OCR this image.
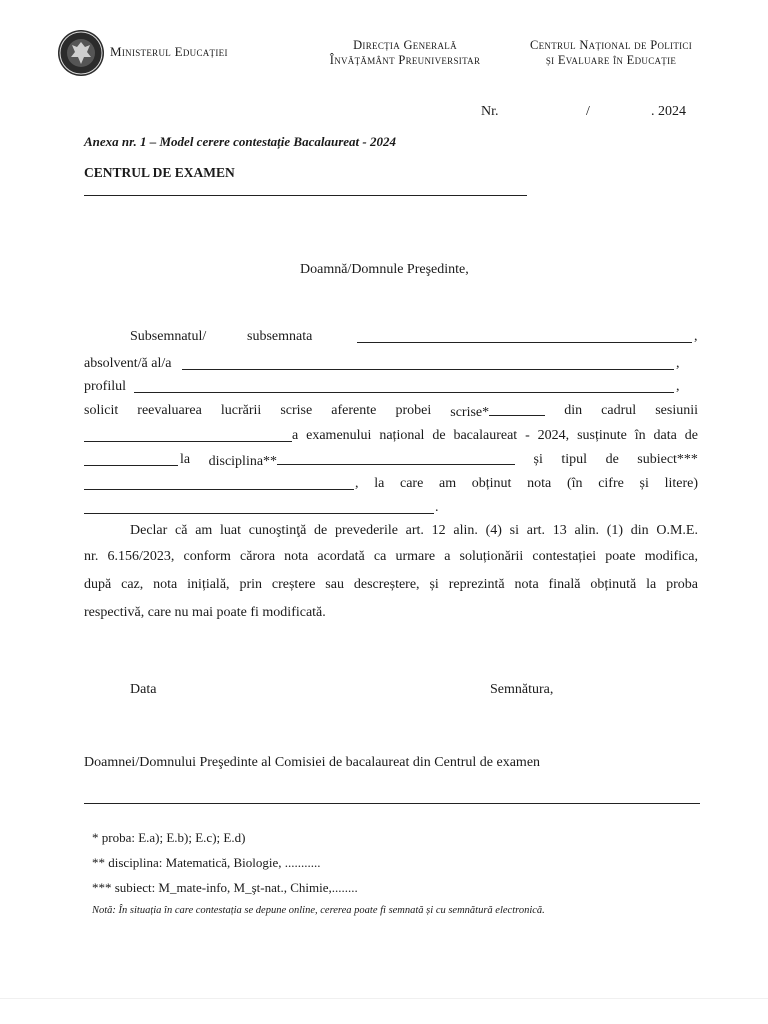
Ministerul Educației	Direcția Generală
Învățământ Preuniversitar
Centrul Național de Politici
și Evaluare în Educație
Nr.	/	. 2024
Anexa nr. 1 – Model cerere contestație Bacalaureat - 2024
CENTRUL DE EXAMEN
Doamnă/Domnule Preşedinte,
Subsemnatul/	subsemnata	,
absolvent/ă al/a	,
profilul	,
solicit reevaluarea lucrării scrise aferente probei scrise*	din cadrul sesiunii
a examenului național de bacalaureat - 2024, susținute în data de
la disciplina**	și tipul de subiect***
, la care am obținut nota (în cifre și litere)
.
Declar că am luat cunoştinţă de prevederile art. 12 alin. (4) si art. 13 alin. (1) din O.M.E.
nr. 6.156/2023, conform cărora nota acordată ca urmare a soluționării contestației poate modifica,
după caz, nota inițială, prin creștere sau descreștere, și reprezintă nota finală obținută la proba
respectivă, care nu mai poate fi modificată.
Data	Semnătura,
Doamnei/Domnului Preşedinte al Comisiei de bacalaureat din Centrul de examen
* proba: E.a); E.b); E.c); E.d)
** disciplina: Matematică, Biologie, ...........
*** subiect: M_mate-info, M_şt-nat., Chimie,........
Notă: În situația în care contestația se depune online, cererea poate fi semnată și cu semnătură electronică.
